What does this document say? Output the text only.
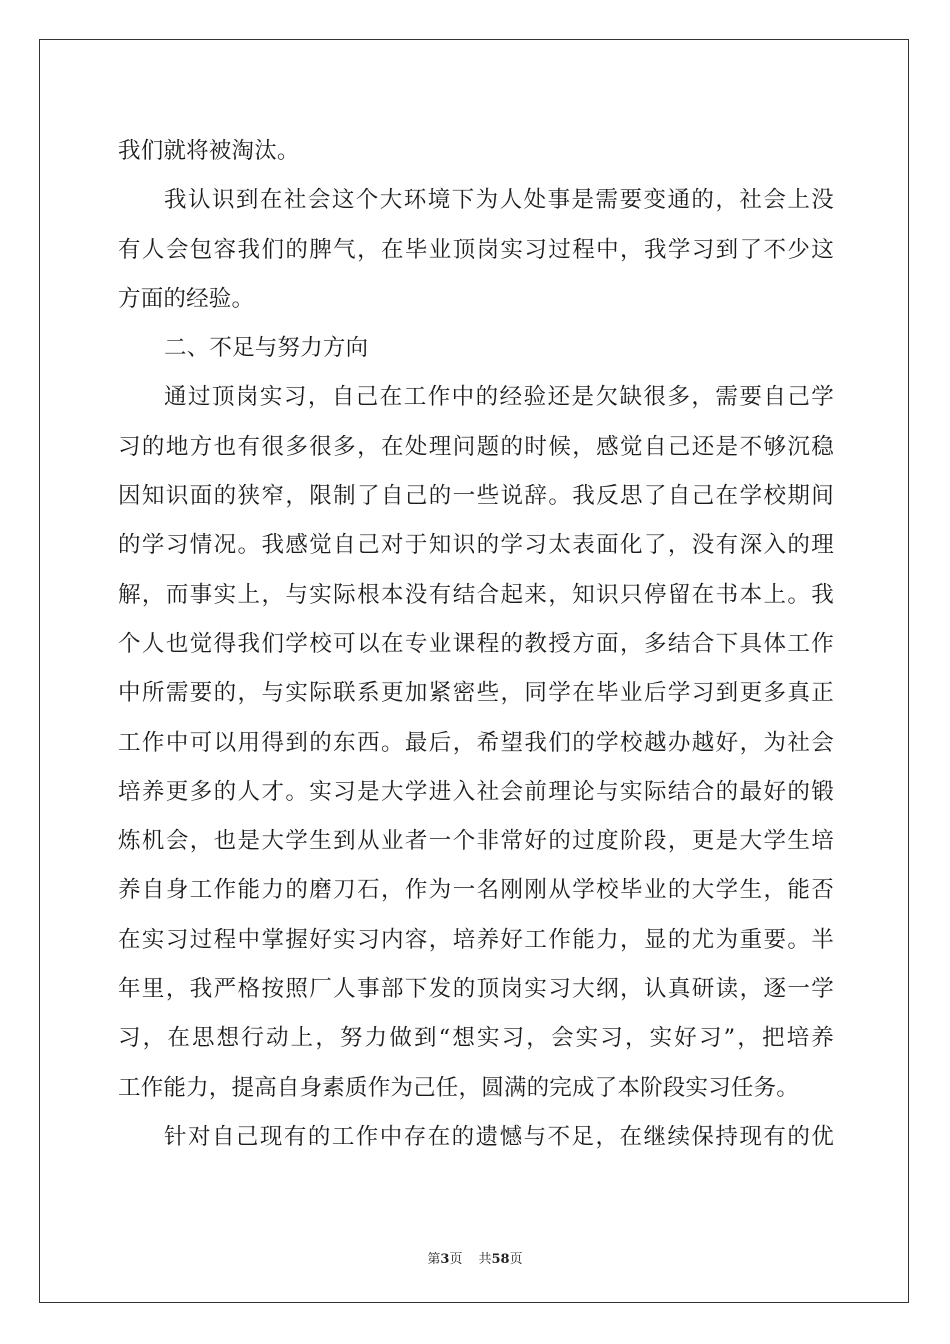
我们就将被淘汰。
我认识到在社会这个大环境下为人处事是需要变通的，社会上没
有人会包容我们的脾气，在毕业顶岗实习过程中，我学习到了不少这
方面的经验。
二、不足与努力方向
通过顶岗实习，自己在工作中的经验还是欠缺很多，需要自己学
习的地方也有很多很多，在处理问题的时候，感觉自己还是不够沉稳
因知识面的狭窄，限制了自己的一些说辞。我反思了自己在学校期间
的学习情况。我感觉自己对于知识的学习太表面化了，没有深入的理
解，而事实上，与实际根本没有结合起来，知识只停留在书本上。我
个人也觉得我们学校可以在专业课程的教授方面，多结合下具体工作
中所需要的，与实际联系更加紧密些，同学在毕业后学习到更多真正
工作中可以用得到的东西。最后，希望我们的学校越办越好，为社会
培养更多的人才。实习是大学进入社会前理论与实际结合的最好的锻
炼机会，也是大学生到从业者一个非常好的过度阶段，更是大学生培
养自身工作能力的磨刀石，作为一名刚刚从学校毕业的大学生，能否
在实习过程中掌握好实习内容，培养好工作能力，显的尤为重要。半
年里，我严格按照厂人事部下发的顶岗实习大纲，认真研读，逐一学
习，在思想行动上，努力做到“想实习，会实习，实好习”，把培养
工作能力，提高自身素质作为己任，圆满的完成了本阶段实习任务。
针对自己现有的工作中存在的遗憾与不足，在继续保持现有的优
第3页 共58页
